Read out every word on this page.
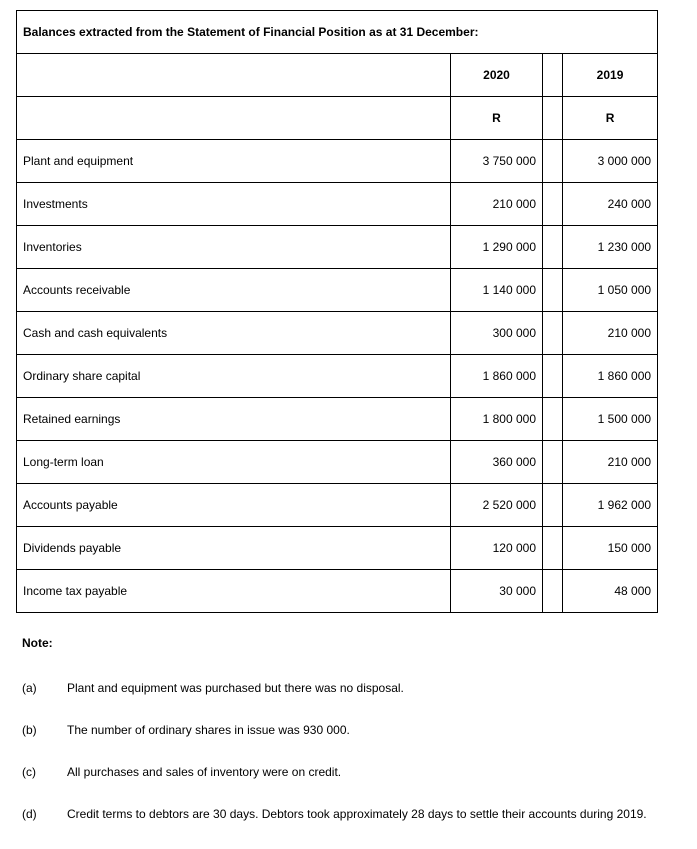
Balances extracted from the Statement of Financial Position as at 31 December:			
	2020		2019
	R		R
Plant and equipment	3 750 000		3 000 000
Investments	210 000		240 000
Inventories	1 290 000		1 230 000
Accounts receivable	1 140 000		1 050 000
Cash and cash equivalents	300 000		210 000
Ordinary share capital	1 860 000		1 860 000
Retained earnings	1 800 000		1 500 000
Long-term loan	360 000		210 000
Accounts payable	2 520 000		1 962 000
Dividends payable	120 000		150 000
Income tax payable	30 000		48 000
Note:
(a)	Plant and equipment was purchased but there was no disposal.
(b)	The number of ordinary shares in issue was 930 000.
(c)	All purchases and sales of inventory were on credit.
(d)	Credit terms to debtors are 30 days. Debtors took approximately 28 days to settle their accounts during 2019.
